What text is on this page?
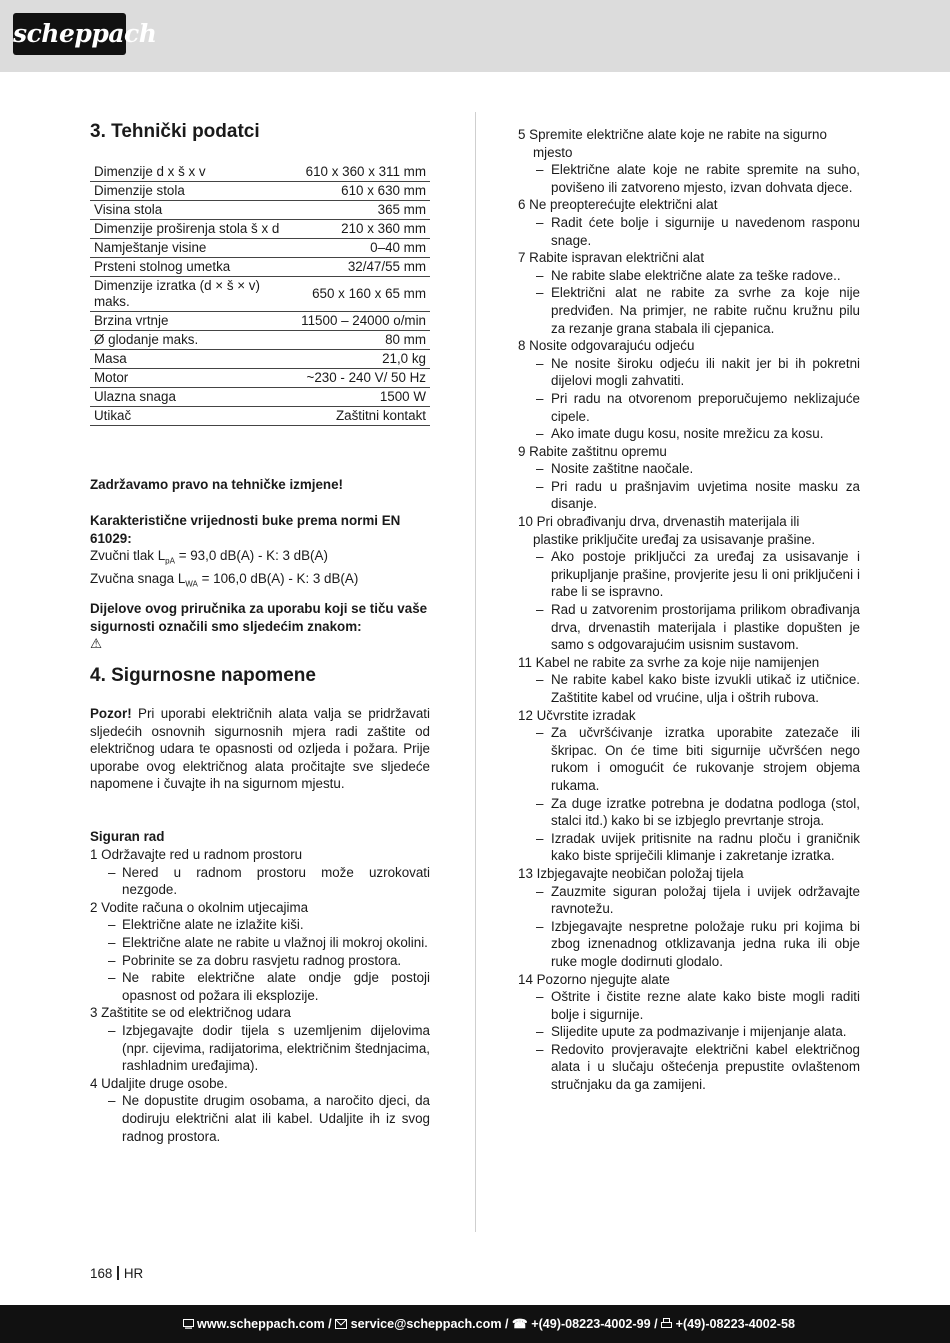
scheppach
3. Tehnički podatci
Dimenzije d x š x v	610 x 360 x 311 mm
Dimenzije stola	610 x 630 mm
Visina stola	365 mm
Dimenzije proširenja stola š x d	210 x 360 mm
Namještanje visine	0–40 mm
Prsteni stolnog umetka	32/47/55 mm
Dimenzije izratka (d × š × v) maks.	650 x 160 x 65 mm
Brzina vrtnje	11500 – 24000 o/min
Ø glodanje maks.	80 mm
Masa	21,0 kg
Motor	~230 - 240 V/ 50 Hz
Ulazna snaga	1500 W
Utikač	Zaštitni kontakt
Zadržavamo pravo na tehničke izmjene!
Karakteristične vrijednosti buke prema normi EN 61029:
Zvučni tlak $L_{pA} = 93,0$ dB(A) - K: 3 dB(A)
Zvučna snaga $L_{WA} = 106,0$ dB(A) - K: 3 dB(A)
Dijelove ovog priručnika za uporabu koji se tiču vaše sigurnosti označili smo sljedećim znakom:
⚠
4. Sigurnosne napomene
Pozor! Pri uporabi električnih alata valja se pridržavati sljedećih osnovnih sigurnosnih mjera radi zaštite od električnog udara te opasnosti od ozljeda i požara. Prije uporabe ovog električnog alata pročitajte sve sljedeće napomene i čuvajte ih na sigurnom mjestu.
Siguran rad
1 Održavajte red u radnom prostoru
– Nered u radnom prostoru može uzrokovati nezgode.
2 Vodite računa o okolnim utjecajima
– Električne alate ne izlažite kiši.
– Električne alate ne rabite u vlažnoj ili mokroj okolini.
– Pobrinite se za dobru rasvjetu radnog prostora.
– Ne rabite električne alate ondje gdje postoji opasnost od požara ili eksplozije.
3 Zaštitite se od električnog udara
– Izbjegavajte dodir tijela s uzemljenim dijelovima (npr. cijevima, radijatorima, električnim štednjacima, rashladnim uređajima).
4 Udaljite druge osobe.
– Ne dopustite drugim osobama, a naročito djeci, da dodiruju električni alat ili kabel. Udaljite ih iz svog radnog prostora.
5 Spremite električne alate koje ne rabite na sigurno
mjesto
– Električne alate koje ne rabite spremite na suho, povišeno ili zatvoreno mjesto, izvan dohvata djece.
6 Ne preopterećujte električni alat
– Radit ćete bolje i sigurnije u navedenom rasponu snage.
7 Rabite ispravan električni alat
– Ne rabite slabe električne alate za teške radove..
– Električni alat ne rabite za svrhe za koje nije predviđen. Na primjer, ne rabite ručnu kružnu pilu za rezanje grana stabala ili cjepanica.
8 Nosite odgovarajuću odjeću
– Ne nosite široku odjeću ili nakit jer bi ih pokretni dijelovi mogli zahvatiti.
– Pri radu na otvorenom preporučujemo neklizajuće cipele.
– Ako imate dugu kosu, nosite mrežicu za kosu.
9 Rabite zaštitnu opremu
– Nosite zaštitne naočale.
– Pri radu u prašnjavim uvjetima nosite masku za disanje.
10 Pri obrađivanju drva, drvenastih materijala ili
plastike priključite uređaj za usisavanje prašine.
– Ako postoje priključci za uređaj za usisavanje i prikupljanje prašine, provjerite jesu li oni priključeni i rabe li se ispravno.
– Rad u zatvorenim prostorijama prilikom obrađivanja drva, drvenastih materijala i plastike dopušten je samo s odgovarajućim usisnim sustavom.
11 Kabel ne rabite za svrhe za koje nije namijenjen
– Ne rabite kabel kako biste izvukli utikač iz utičnice. Zaštitite kabel od vrućine, ulja i oštrih rubova.
12 Učvrstite izradak
– Za učvršćivanje izratka uporabite zatezače ili škripac. On će time biti sigurnije učvršćen nego rukom i omogućit će rukovanje strojem objema rukama.
– Za duge izratke potrebna je dodatna podloga (stol, stalci itd.) kako bi se izbjeglo prevrtanje stroja.
– Izradak uvijek pritisnite na radnu ploču i graničnik kako biste spriječili klimanje i zakretanje izratka.
13 Izbjegavajte neobičan položaj tijela
– Zauzmite siguran položaj tijela i uvijek održavajte ravnotežu.
– Izbjegavajte nespretne položaje ruku pri kojima bi zbog iznenadnog otklizavanja jedna ruka ili obje ruke mogle dodirnuti glodalo.
14 Pozorno njegujte alate
– Oštrite i čistite rezne alate kako biste mogli raditi bolje i sigurnije.
– Slijedite upute za podmazivanje i mijenjanje alata.
– Redovito provjeravajte električni kabel električnog alata i u slučaju oštećenja prepustite ovlaštenom stručnjaku da ga zamijeni.
168 HR
www.scheppach.com / service@scheppach.com / ☎ +(49)-08223-4002-99 / +(49)-08223-4002-58
